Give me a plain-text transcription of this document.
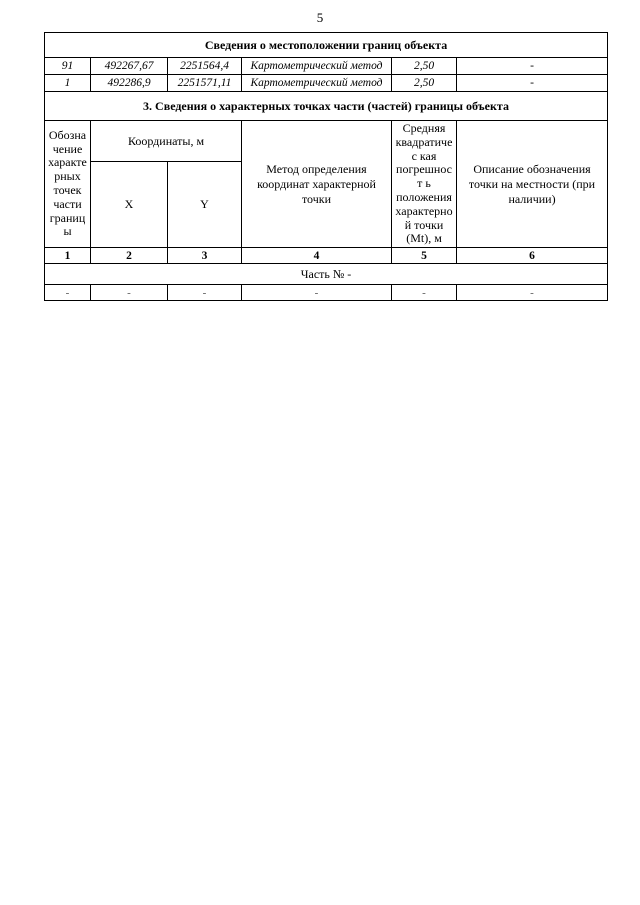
5
Сведения о местоположении границ объекта					
91	492267,67	2251564,4	Картометрический метод	2,50	-
1	492286,9	2251571,11	Картометрический метод	2,50	-
3. Сведения о характерных точках части (частей) границы объекта					
Обозначение характерных точек части границы	Координаты, м		Метод определения координат характерной точки	Средняя квадратичес кая погрешност ь положения характерной точки (Mt), м	Описание обозначения точки на местности (при наличии)
	X	Y			
1	2	3	4	5	6
Часть № -					
-	-	-	-	-	-
